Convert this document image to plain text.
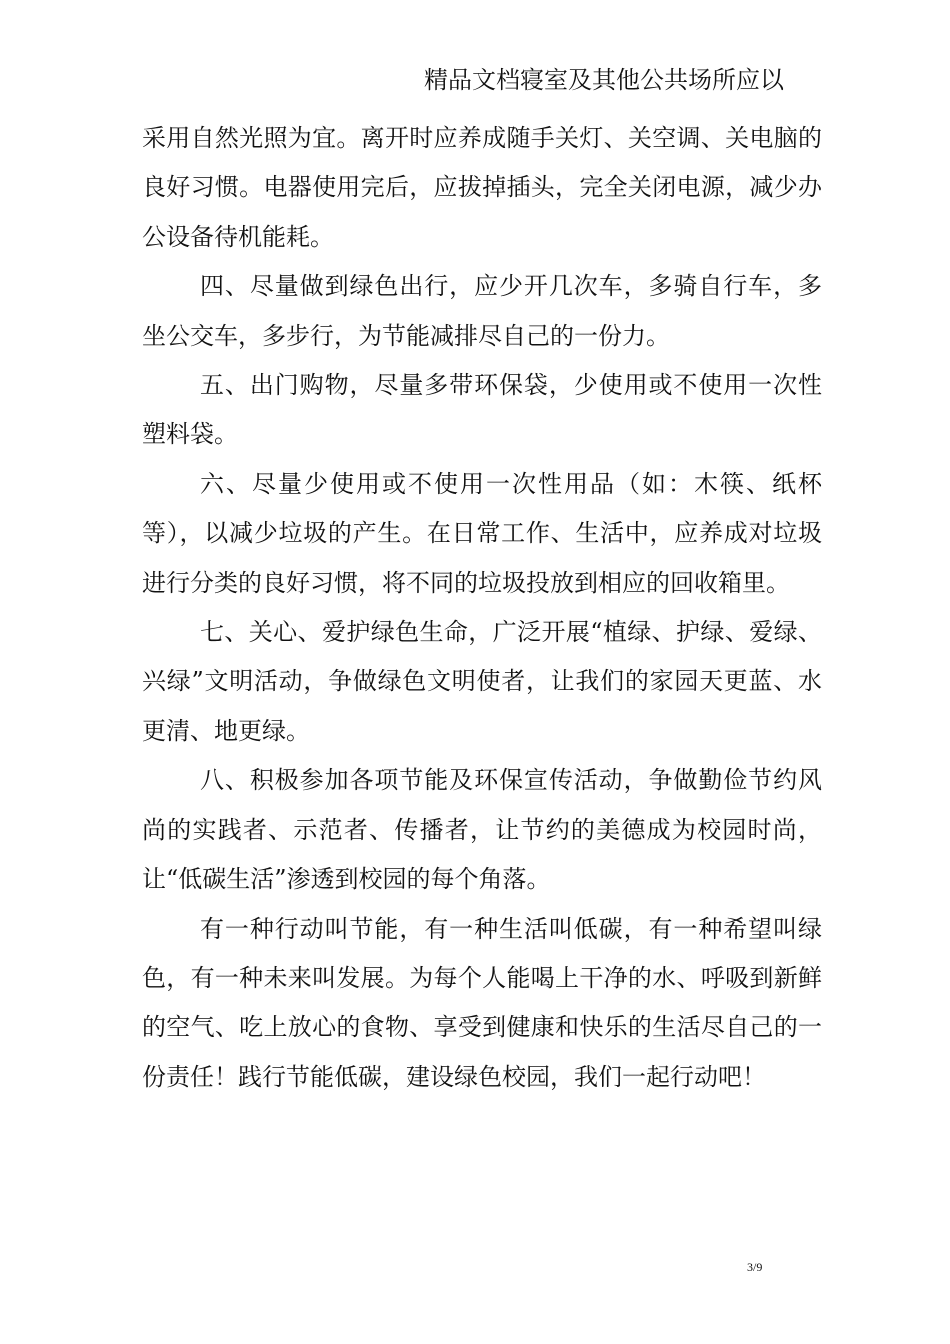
精品文档寝室及其他公共场所应以

采用自然光照为宜。离开时应养成随手关灯、关空调、关电脑的良好习惯。电器使用完后，应拔掉插头，完全关闭电源，减少办公设备待机能耗。

四、尽量做到绿色出行，应少开几次车，多骑自行车，多坐公交车，多步行，为节能减排尽自己的一份力。

五、出门购物，尽量多带环保袋，少使用或不使用一次性塑料袋。

六、尽量少使用或不使用一次性用品（如：木筷、纸杯等），以减少垃圾的产生。在日常工作、生活中，应养成对垃圾进行分类的良好习惯，将不同的垃圾投放到相应的回收箱里。

七、关心、爱护绿色生命，广泛开展“植绿、护绿、爱绿、兴绿”文明活动，争做绿色文明使者，让我们的家园天更蓝、水更清、地更绿。

八、积极参加各项节能及环保宣传活动，争做勤俭节约风尚的实践者、示范者、传播者，让节约的美德成为校园时尚，让“低碳生活”渗透到校园的每个角落。

有一种行动叫节能，有一种生活叫低碳，有一种希望叫绿色，有一种未来叫发展。为每个人能喝上干净的水、呼吸到新鲜的空气、吃上放心的食物、享受到健康和快乐的生活尽自己的一份责任！践行节能低碳，建设绿色校园，我们一起行动吧！

3/9
